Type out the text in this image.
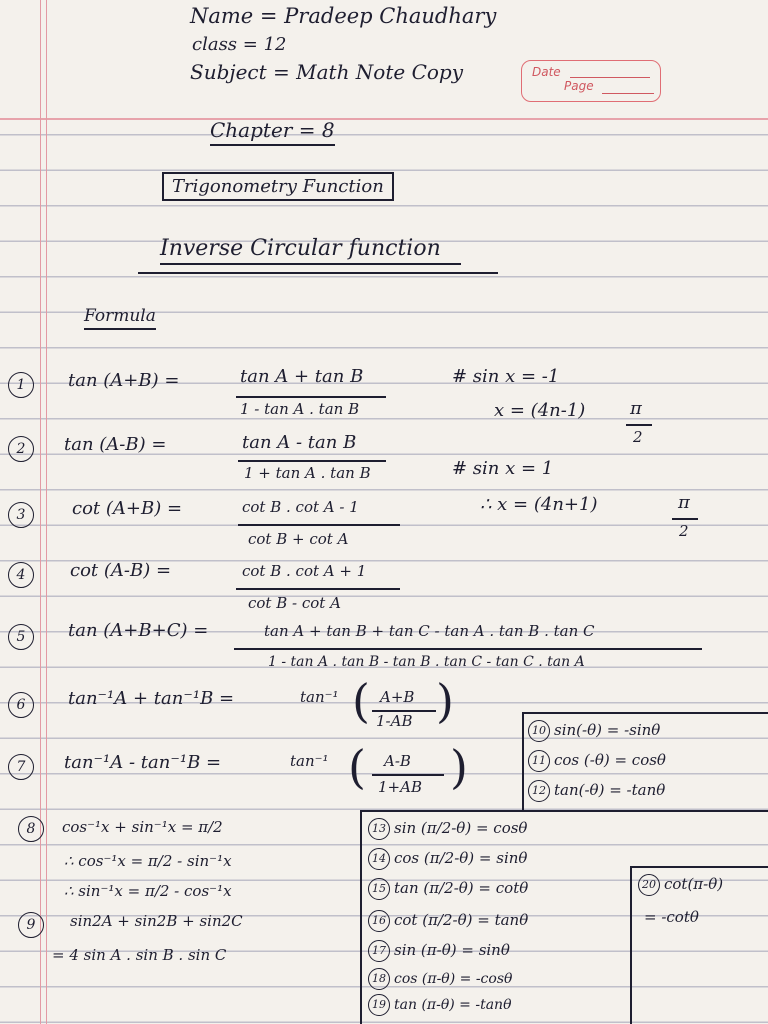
Name = Pradeep Chaudhary
class = 12
Subject = Math Note Copy	Date
Page
Chapter = 8
Trigonometry Function
Inverse Circular function
Formula
1	tan (A+B) =	tan A + tan B
1 - tan A . tan B
# sin x = -1
x = (4n-1) π
2
2	tan (A-B) =	tan A - tan B
1 + tan A . tan B	# sin x = 1
∴ x = (4n+1)	π
2
3	cot (A+B) =	cot B . cot A - 1
cot B + cot A
4	cot (A-B) =	cot B . cot A + 1
cot B - cot A
5	tan (A+B+C) =	tan A + tan B + tan C - tan A . tan B . tan C
1 - tan A . tan B - tan B . tan C - tan C . tan A
6	tan⁻¹A + tan⁻¹B =	tan⁻¹ ( A+B
1-AB )
10 sin(-θ) = -sinθ
11 cos (-θ) = cosθ
12 tan(-θ) = -tanθ
7	tan⁻¹A - tan⁻¹B =	tan⁻¹ ( A-B
1+AB )
8	cos⁻¹x + sin⁻¹x = π/2
∴ cos⁻¹x = π/2 - sin⁻¹x
∴ sin⁻¹x = π/2 - cos⁻¹x
9	sin2A + sin2B + sin2C
= 4 sin A . sin B . sin C
13 sin (π/2-θ) = cosθ
14 cos (π/2-θ) = sinθ
15 tan (π/2-θ) = cotθ
16 cot (π/2-θ) = tanθ
17 sin (π-θ) = sinθ
18 cos (π-θ) = -cosθ
19 tan (π-θ) = -tanθ
20 cot(π-θ)
= -cotθ
